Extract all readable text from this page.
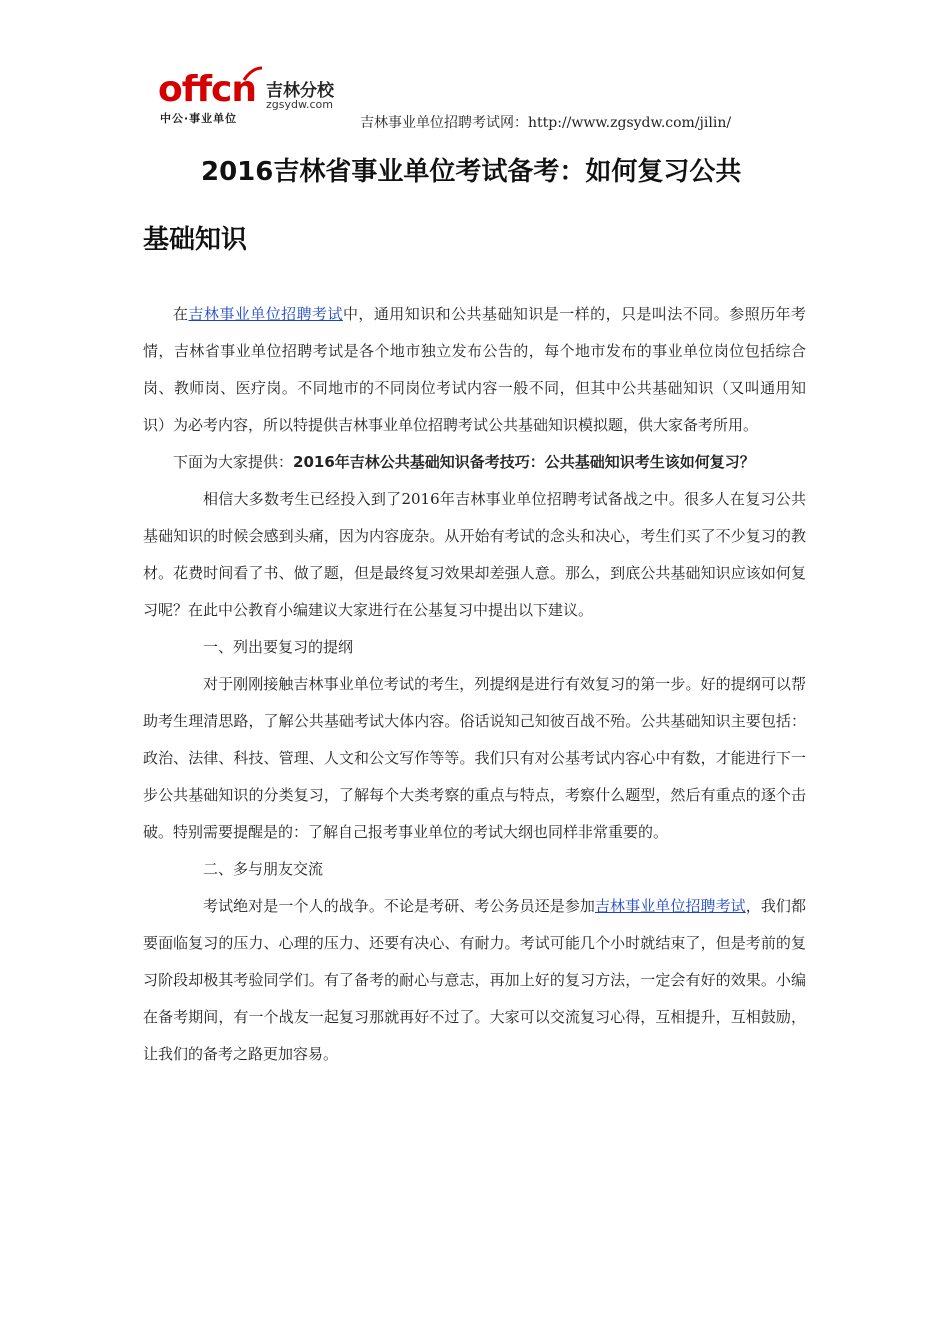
offcn
中公·事业单位
吉林分校
zgsydw.com
吉林事业单位招聘考试网：http://www.zgsydw.com/jilin/
2016吉林省事业单位考试备考：如何复习公共
基础知识

在吉林事业单位招聘考试中，通用知识和公共基础知识是一样的，只是叫法不同。参照历年考情，吉林省事业单位招聘考试是各个地市独立发布公告的，每个地市发布的事业单位岗位包括综合岗、教师岗、医疗岗。不同地市的不同岗位考试内容一般不同，但其中公共基础知识（又叫通用知识）为必考内容，所以特提供吉林事业单位招聘考试公共基础知识模拟题，供大家备考所用。

下面为大家提供：2016年吉林公共基础知识备考技巧：公共基础知识考生该如何复习？

相信大多数考生已经投入到了2016年吉林事业单位招聘考试备战之中。很多人在复习公共基础知识的时候会感到头痛，因为内容庞杂。从开始有考试的念头和决心，考生们买了不少复习的教材。花费时间看了书、做了题，但是最终复习效果却差强人意。那么，到底公共基础知识应该如何复习呢？在此中公教育小编建议大家进行在公基复习中提出以下建议。

一、列出要复习的提纲

对于刚刚接触吉林事业单位考试的考生，列提纲是进行有效复习的第一步。好的提纲可以帮助考生理清思路，了解公共基础考试大体内容。俗话说知己知彼百战不殆。公共基础知识主要包括：政治、法律、科技、管理、人文和公文写作等等。我们只有对公基考试内容心中有数，才能进行下一步公共基础知识的分类复习，了解每个大类考察的重点与特点，考察什么题型，然后有重点的逐个击破。特别需要提醒是的：了解自己报考事业单位的考试大纲也同样非常重要的。

二、多与朋友交流

考试绝对是一个人的战争。不论是考研、考公务员还是参加吉林事业单位招聘考试，我们都要面临复习的压力、心理的压力、还要有决心、有耐力。考试可能几个小时就结束了，但是考前的复习阶段却极其考验同学们。有了备考的耐心与意志，再加上好的复习方法，一定会有好的效果。小编在备考期间，有一个战友一起复习那就再好不过了。大家可以交流复习心得，互相提升，互相鼓励，让我们的备考之路更加容易。
